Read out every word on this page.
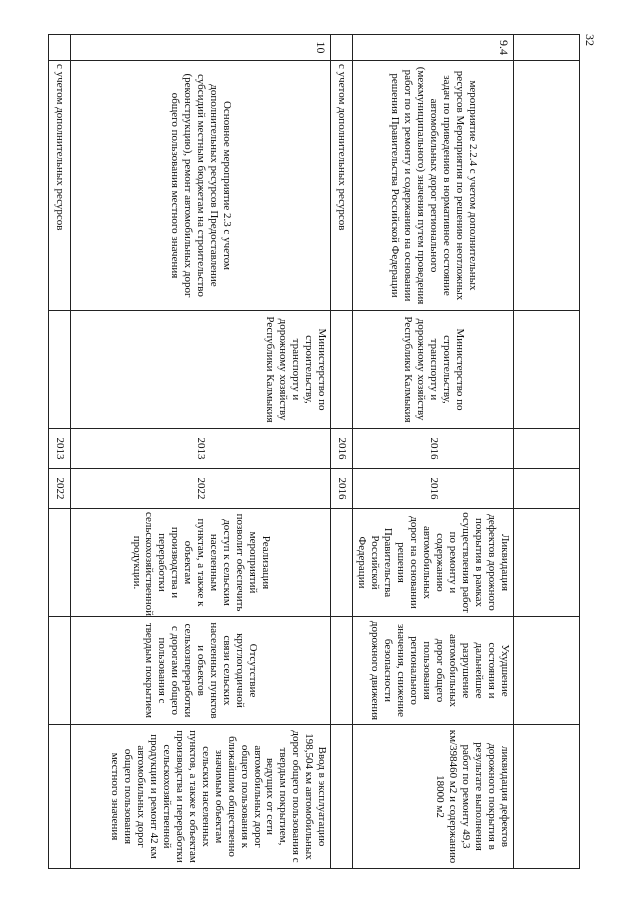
32

9.4	мероприятие 2.2.4 с учетом дополнительных ресурсов Мероприятия по решению неотложных задач по приведению в нормативное состояние автомобильных дорог регионального (межмуниципального) значения путем проведения работ по их ремонту и содержанию на основании решения Правительства Российской Федерации	Министерство по строительству, транспорту и дорожному хозяйству Республики Калмыкия	2016	2016	Ликвидация дефектов дорожного покрытия в рамках осуществления работ по ремонту и содержанию автомобильных дорог на основании решения Правительства Российской Федерации	Ухудшение состояния и дальнейшее разрушение автомобильных дорог общего пользования регионального значения, снижение безопасности дорожного движения	ликвидация дефектов дорожного покрытия в результате выполнения работ по ремонту 49,3 км/398460 м2 и содержанию 18000 м2
	с учетом дополнительных ресурсов		2016	2016			
10	Основное мероприятие 2.3 с учетом дополнительных ресурсов Предоставление субсидий местным бюджетам на строительство (реконструкцию), ремонт автомобильных дорог общего пользования местного значения	Министерство по строительству, транспорту и дорожному хозяйству Республики Калмыкия	2013	2022	Реализация мероприятий позволит обеспечить доступ к сельским населенным пунктам, а также к объектам производства и переработки сельскохозяйственной продукции.	Отсутствие круглогодичной связи сельских населенных пунктов и объектов сельхозпереработки с дорогами общего пользования с твердым покрытием	Ввод в эксплуатацию 198,504 км автомобильных дорог общего пользования с твердым покрытием, ведущих от сети автомобильных дорог общего пользования к ближайшим общественно значимым объектам сельских населенных пунктов, а также к объектам производства и переработки сельскохозяйственной продукции и ремонт 42 км автомобильных дорог общего пользования местного значения
	с учетом дополнительных ресурсов		2013	2022			
